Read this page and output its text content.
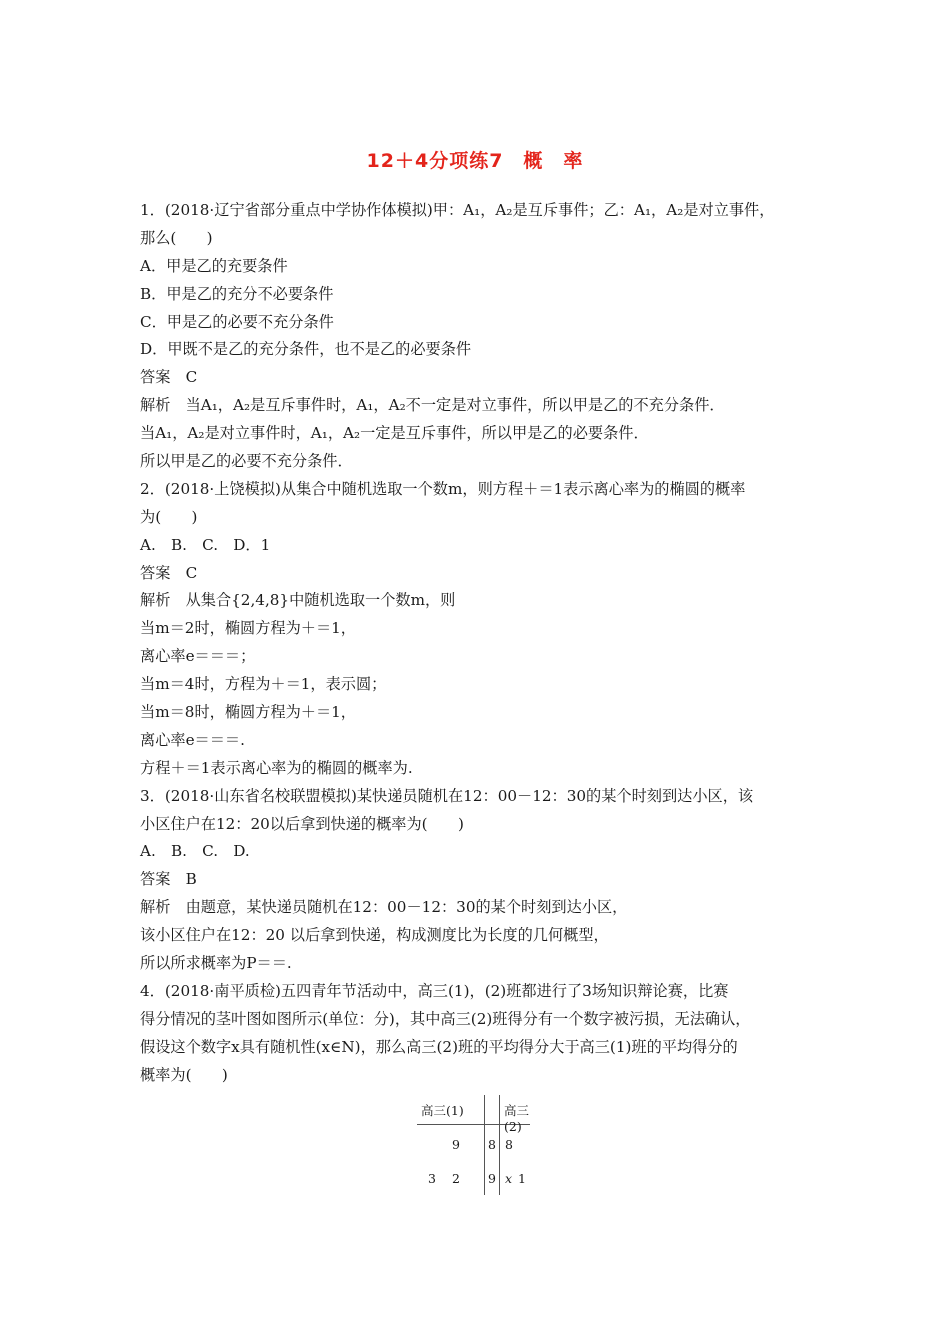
12＋4分项练7　概　率
1．(2018·辽宁省部分重点中学协作体模拟)甲：A₁，A₂是互斥事件；乙：A₁，A₂是对立事件，
那么(　　)
A．甲是乙的充要条件
B．甲是乙的充分不必要条件
C．甲是乙的必要不充分条件
D．甲既不是乙的充分条件，也不是乙的必要条件
答案　C
解析　当A₁，A₂是互斥事件时，A₁，A₂不一定是对立事件，所以甲是乙的不充分条件．
当A₁，A₂是对立事件时，A₁，A₂一定是互斥事件，所以甲是乙的必要条件．
所以甲是乙的必要不充分条件．
2．(2018·上饶模拟)从集合中随机选取一个数m，则方程＋＝1表示离心率为的椭圆的概率
为(　　)
A.　B.　C.　D．1
答案　C
解析　从集合{2,4,8}中随机选取一个数m，则
当m＝2时，椭圆方程为＋＝1，
离心率e＝＝＝；
当m＝4时，方程为＋＝1，表示圆；
当m＝8时，椭圆方程为＋＝1，
离心率e＝＝＝.
方程＋＝1表示离心率为的椭圆的概率为.
3．(2018·山东省名校联盟模拟)某快递员随机在12：00－12：30的某个时刻到达小区，该
小区住户在12：20以后拿到快递的概率为(　　)
A.　B.　C.　D.
答案　B
解析　由题意，某快递员随机在12：00－12：30的某个时刻到达小区，
该小区住户在12：20 以后拿到快递，构成测度比为长度的几何概型，
所以所求概率为P＝＝.
4．(2018·南平质检)五四青年节活动中，高三(1)，(2)班都进行了3场知识辩论赛，比赛
得分情况的茎叶图如图所示(单位：分)，其中高三(2)班得分有一个数字被污损，无法确认，
假设这个数字x具有随机性(x∈N)，那么高三(2)班的平均得分大于高三(1)班的平均得分的
概率为(　　)
高三(1)	高三(2)
9 8 8
3 2 9 x 1
